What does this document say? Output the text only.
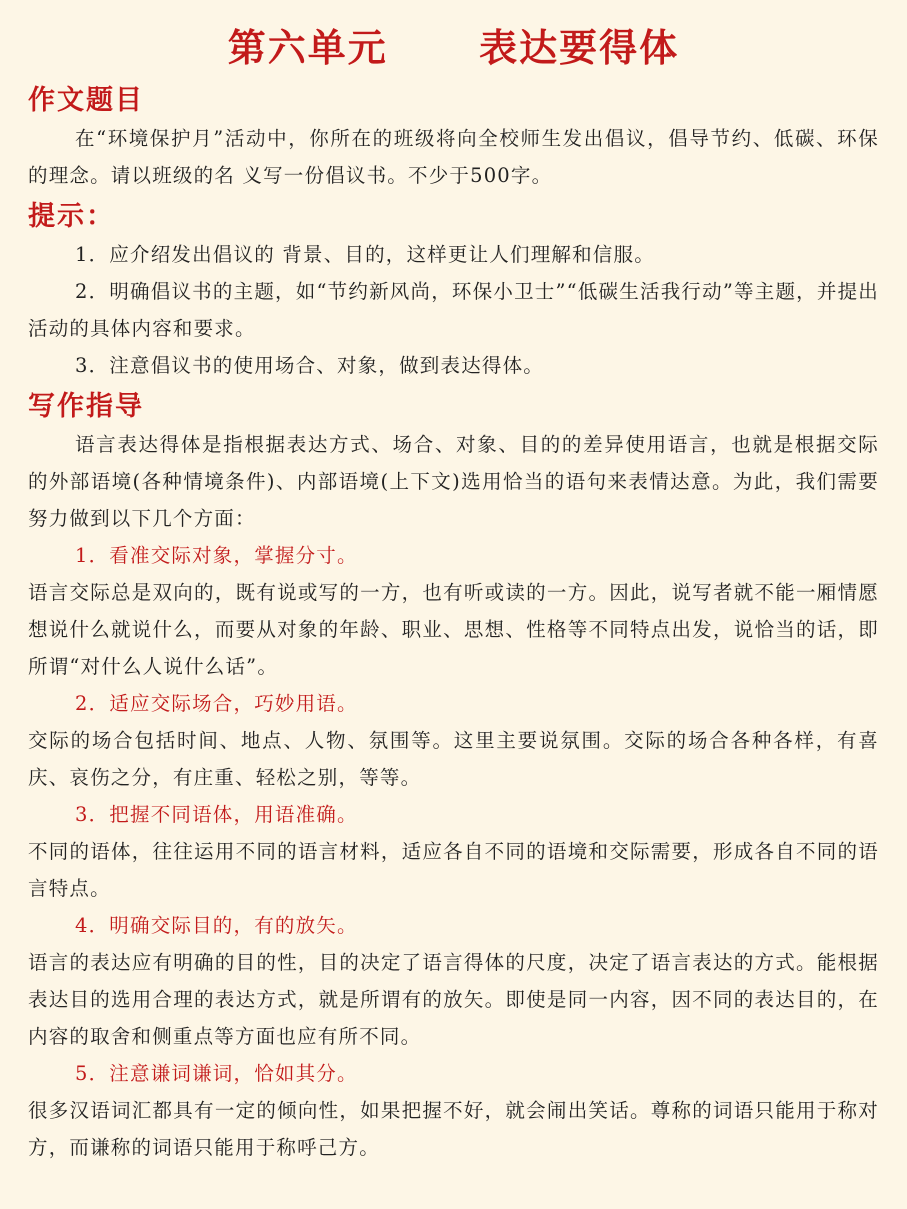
第六单元      表达要得体
作文题目

在“环境保护月”活动中，你所在的班级将向全校师生发出倡议，倡导节约、低碳、环保的理念。请以班级的名 义写一份倡议书。不少于500字。

提示：

1．应介绍发出倡议的 背景、目的，这样更让人们理解和信服。

2．明确倡议书的主题，如“节约新风尚，环保小卫士”“低碳生活我行动”等主题，并提出活动的具体内容和要求。

3．注意倡议书的使用场合、对象，做到表达得体。

写作指导

语言表达得体是指根据表达方式、场合、对象、目的的差异使用语言，也就是根据交际的外部语境(各种情境条件)、内部语境(上下文)选用恰当的语句来表情达意。为此，我们需要努力做到以下几个方面：

1．看准交际对象，掌握分寸。

语言交际总是双向的，既有说或写的一方，也有听或读的一方。因此，说写者就不能一厢情愿想说什么就说什么，而要从对象的年龄、职业、思想、性格等不同特点出发，说恰当的话，即所谓“对什么人说什么话”。

2．适应交际场合，巧妙用语。

交际的场合包括时间、地点、人物、氛围等。这里主要说氛围。交际的场合各种各样，有喜庆、哀伤之分，有庄重、轻松之别，等等。

3．把握不同语体，用语准确。

不同的语体，往往运用不同的语言材料，适应各自不同的语境和交际需要，形成各自不同的语言特点。

4．明确交际目的，有的放矢。

语言的表达应有明确的目的性，目的决定了语言得体的尺度，决定了语言表达的方式。能根据表达目的选用合理的表达方式，就是所谓有的放矢。即使是同一内容，因不同的表达目的，在内容的取舍和侧重点等方面也应有所不同。

5．注意谦词谦词，恰如其分。

很多汉语词汇都具有一定的倾向性，如果把握不好，就会闹出笑话。尊称的词语只能用于称对方，而谦称的词语只能用于称呼己方。
